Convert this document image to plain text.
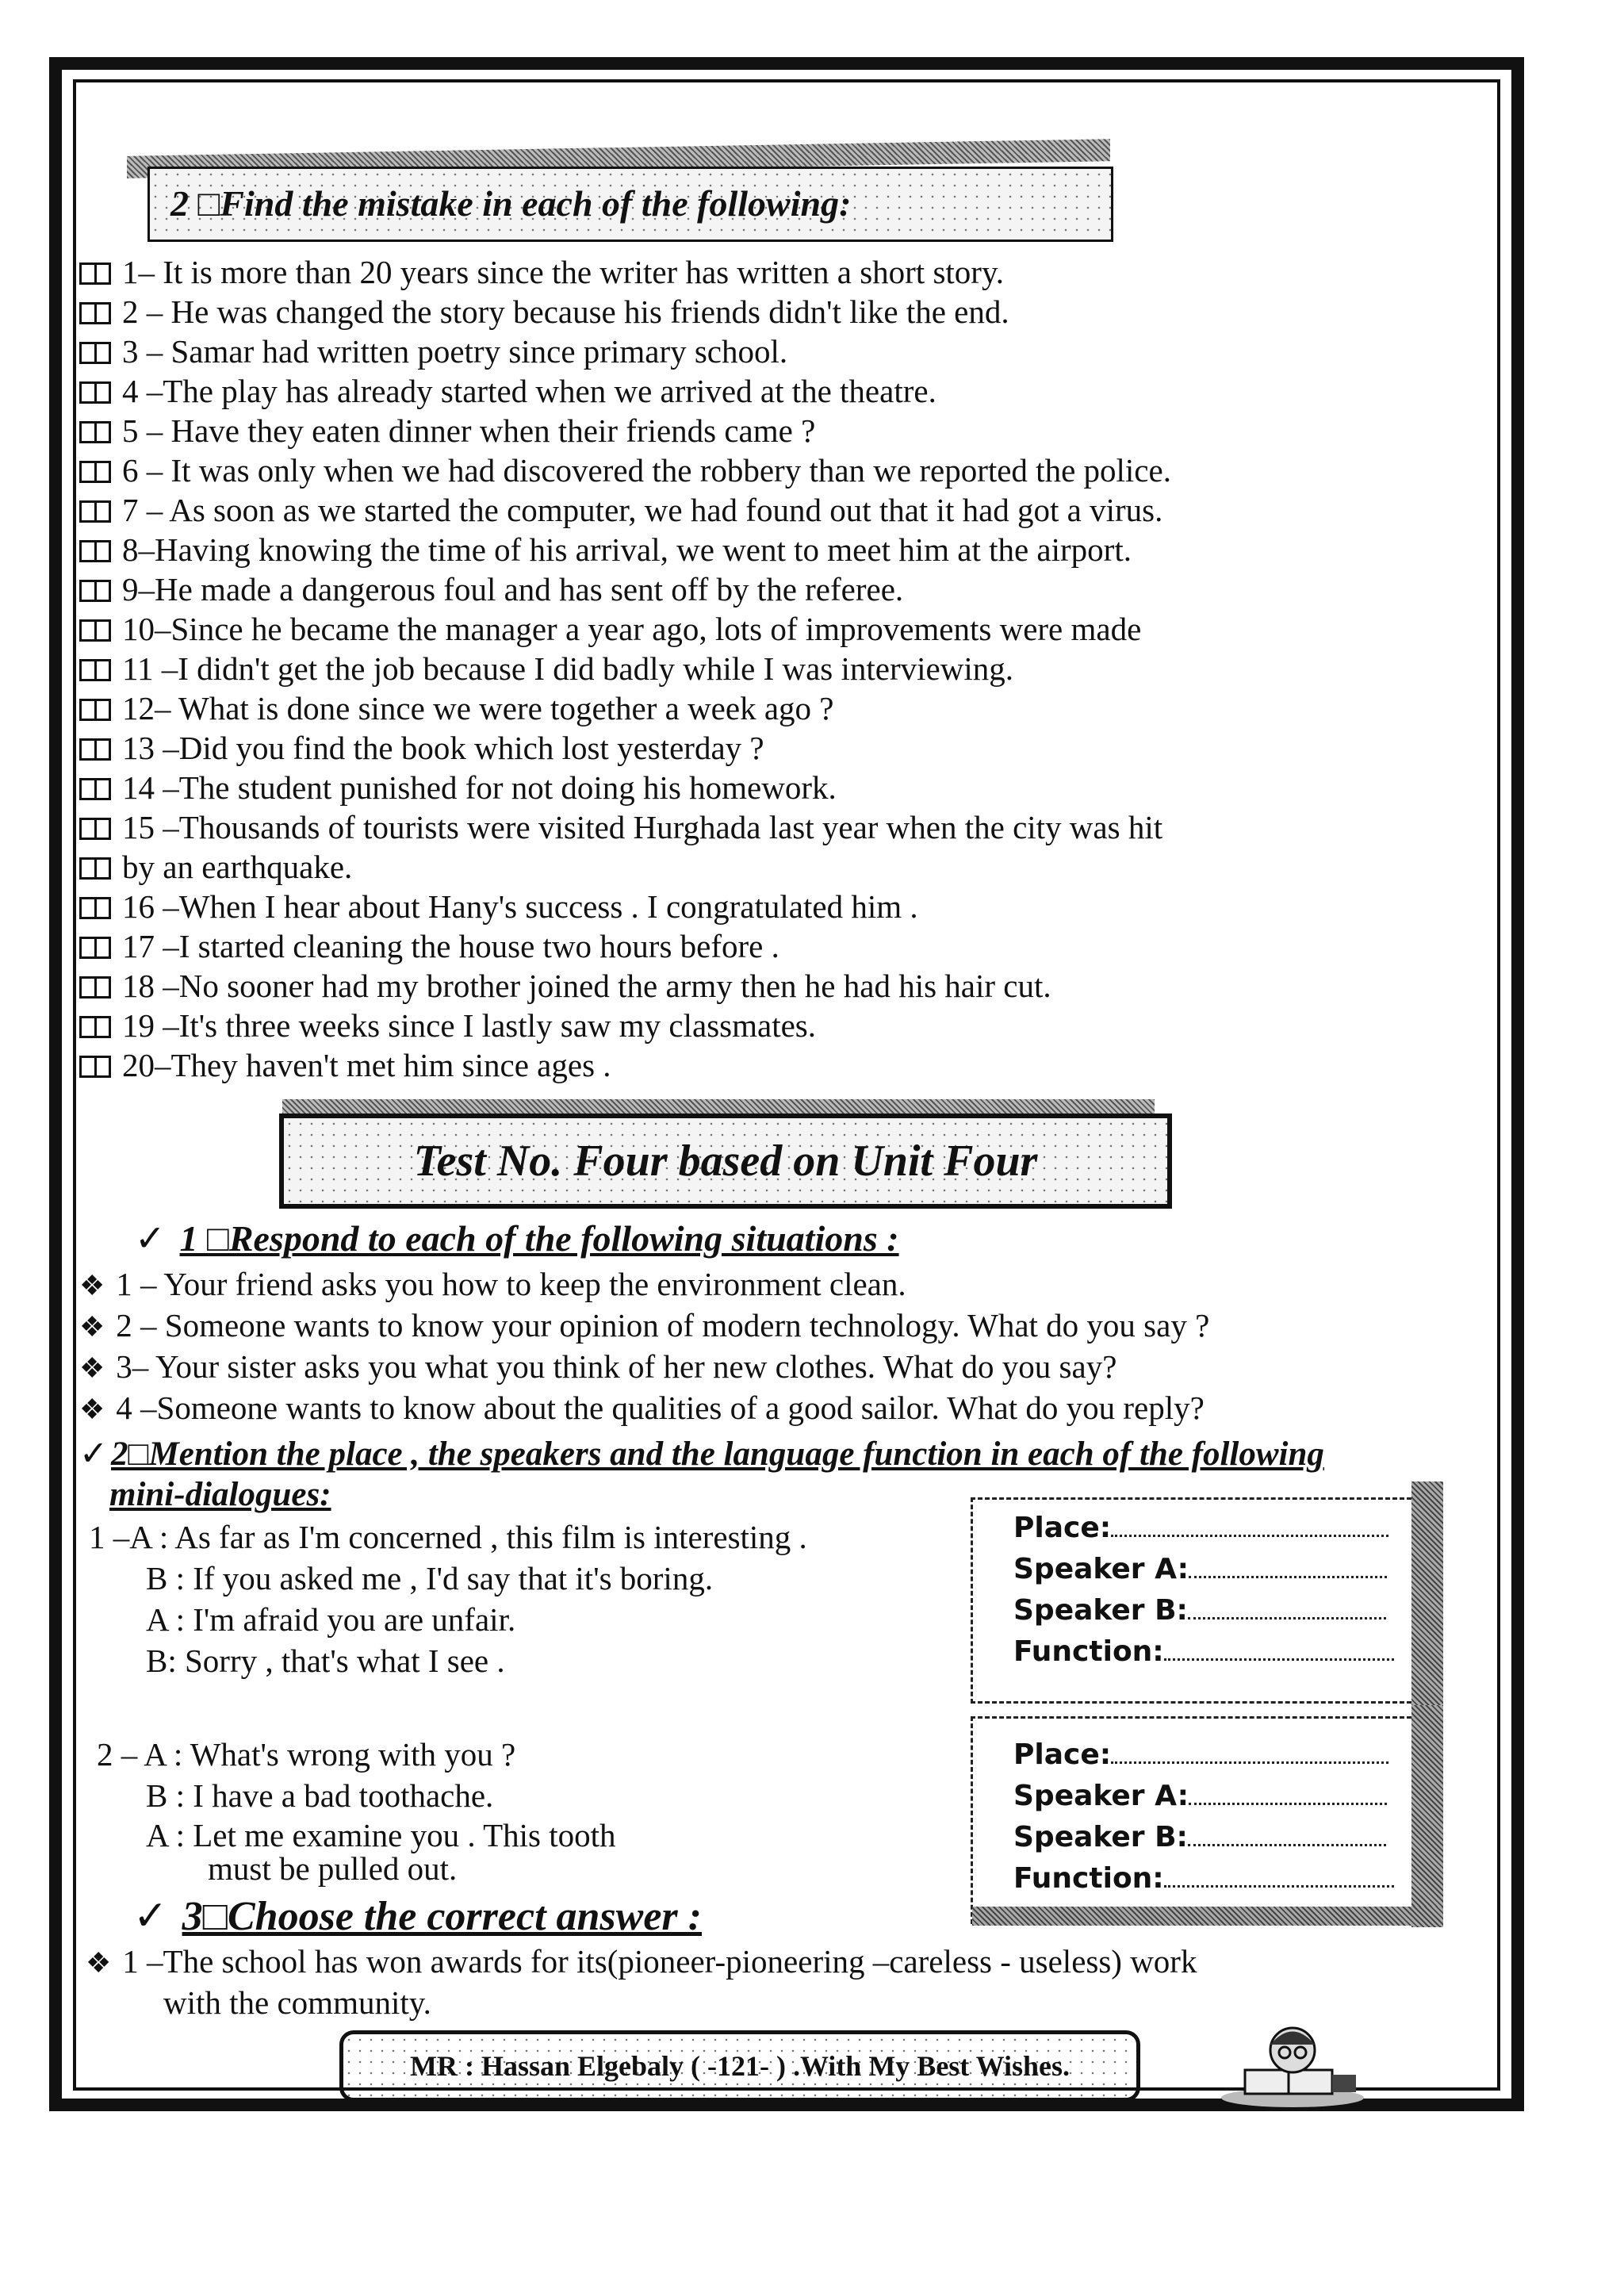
2 □Find the mistake in each of the following:
1– It is more than 20 years since the writer has written a short story.
2 – He was changed the story because his friends didn't like the end.
3 – Samar had written poetry since primary school.
4 –The play has already started when we arrived at the theatre.
5 – Have they eaten dinner when their friends came ?
6 – It was only when we had discovered the robbery than we reported the police.
7 – As soon as we started the computer, we had found out that it had got a virus.
8–Having knowing the time of his arrival, we went to meet him at the airport.
9–He made a dangerous foul and has sent off by the referee.
10–Since he became the manager a year ago, lots of improvements were made
11 –I didn't get the job because I did badly while I was interviewing.
12– What is done since we were together a week ago ?
13 –Did you find the book which lost yesterday ?
14 –The student punished for not doing his homework.
15 –Thousands of tourists were visited Hurghada last year when the city was hit
by an earthquake.
16 –When I hear about Hany's success . I congratulated him .
17 –I started cleaning the house two hours before .
18 –No sooner had my brother joined the army then he had his hair cut.
19 –It's three weeks since I lastly saw my classmates.
20–They haven't met him since ages .
Test No. Four based on Unit Four
✓ 1 □Respond to each of the following situations :
❖ 1 – Your friend asks you how to keep the environment clean.
❖ 2 – Someone wants to know your opinion of modern technology. What do you say ?
❖ 3– Your sister asks you what you think of her new clothes. What do you say?
❖ 4 –Someone wants to know about the qualities of a good sailor. What do you reply?
✓2□Mention the place , the speakers and the language function in each of the following
mini-dialogues:
1 –A : As far as I'm concerned , this film is interesting .
B : If you asked me , I'd say that it's boring.
A : I'm afraid you are unfair.
B: Sorry , that's what I see .
2 – A : What's wrong with you ?
B : I have a bad toothache.
A : Let me examine you . This tooth
must be pulled out.
Place:
Speaker A:
Speaker B:
Function:
Place:
Speaker A:
Speaker B:
Function:
✓ 3□Choose the correct answer :
❖ 1 –The school has won awards for its(pioneer-pioneering –careless - useless) work
with the community.
MR : Hassan Elgebaly ( -121- ) .With My Best Wishes.
